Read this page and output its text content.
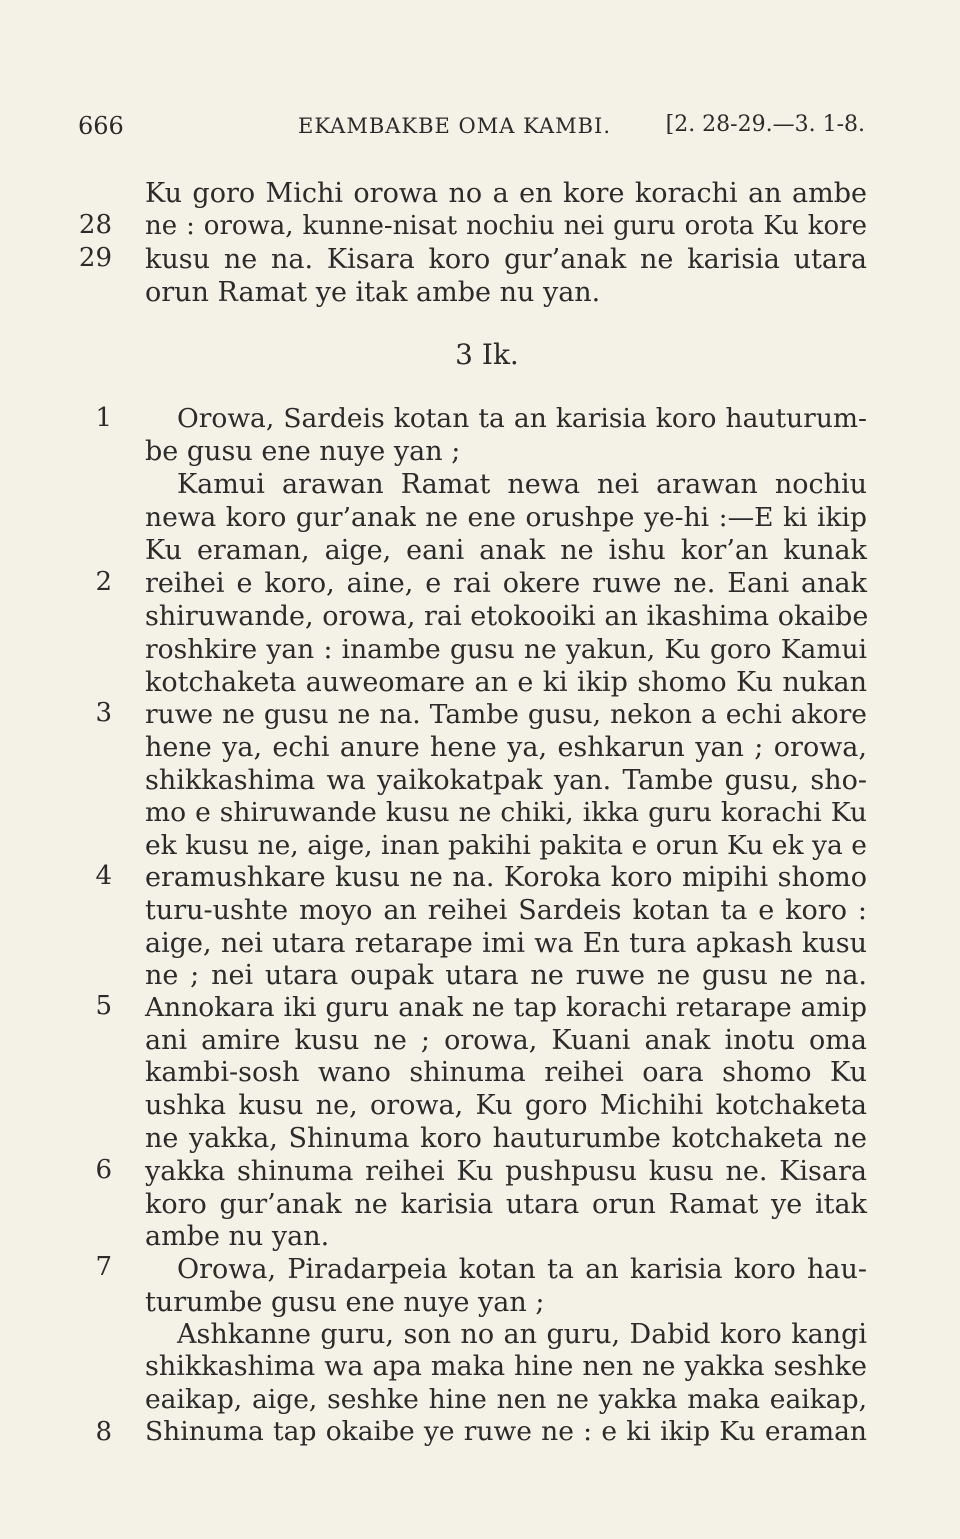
666	EKAMBAKBE OMA KAMBI. [2. 28-29.—3. 1-8.
3 Ik.
28
29
1
2
3
4
5
6
7
8
Ku goro Michi orowa no a en kore korachi an ambe
ne : orowa, kunne-nisat nochiu nei guru orota Ku kore
kusu ne na. Kisara koro gur’anak ne karisia utara
orun Ramat ye itak ambe nu yan.
Orowa, Sardeis kotan ta an karisia koro hauturum-
be gusu ene nuye yan ;
Kamui arawan Ramat newa nei arawan nochiu
newa koro gur’anak ne ene orushpe ye-hi :—E ki ikip
Ku eraman, aige, eani anak ne ishu kor’an kunak
reihei e koro, aine, e rai okere ruwe ne. Eani anak
shiruwande, orowa, rai etokooiki an ikashima okaibe
roshkire yan : inambe gusu ne yakun, Ku goro Kamui
kotchaketa auweomare an e ki ikip shomo Ku nukan
ruwe ne gusu ne na. Tambe gusu, nekon a echi akore
hene ya, echi anure hene ya, eshkarun yan ; orowa,
shikkashima wa yaikokatpak yan. Tambe gusu, sho-
mo e shiruwande kusu ne chiki, ikka guru korachi Ku
ek kusu ne, aige, inan pakihi pakita e orun Ku ek ya e
eramushkare kusu ne na. Koroka koro mipihi shomo
turu-ushte moyo an reihei Sardeis kotan ta e koro :
aige, nei utara retarape imi wa En tura apkash kusu
ne ; nei utara oupak utara ne ruwe ne gusu ne na.
Annokara iki guru anak ne tap korachi retarape amip
ani amire kusu ne ; orowa, Kuani anak inotu oma
kambi-sosh wano shinuma reihei oara shomo Ku
ushka kusu ne, orowa, Ku goro Michihi kotchaketa
ne yakka, Shinuma koro hauturumbe kotchaketa ne
yakka shinuma reihei Ku pushpusu kusu ne. Kisara
koro gur’anak ne karisia utara orun Ramat ye itak
ambe nu yan.
Orowa, Piradarpeia kotan ta an karisia koro hau-
turumbe gusu ene nuye yan ;
Ashkanne guru, son no an guru, Dabid koro kangi
shikkashima wa apa maka hine nen ne yakka seshke
eaikap, aige, seshke hine nen ne yakka maka eaikap,
Shinuma tap okaibe ye ruwe ne : e ki ikip Ku eraman
